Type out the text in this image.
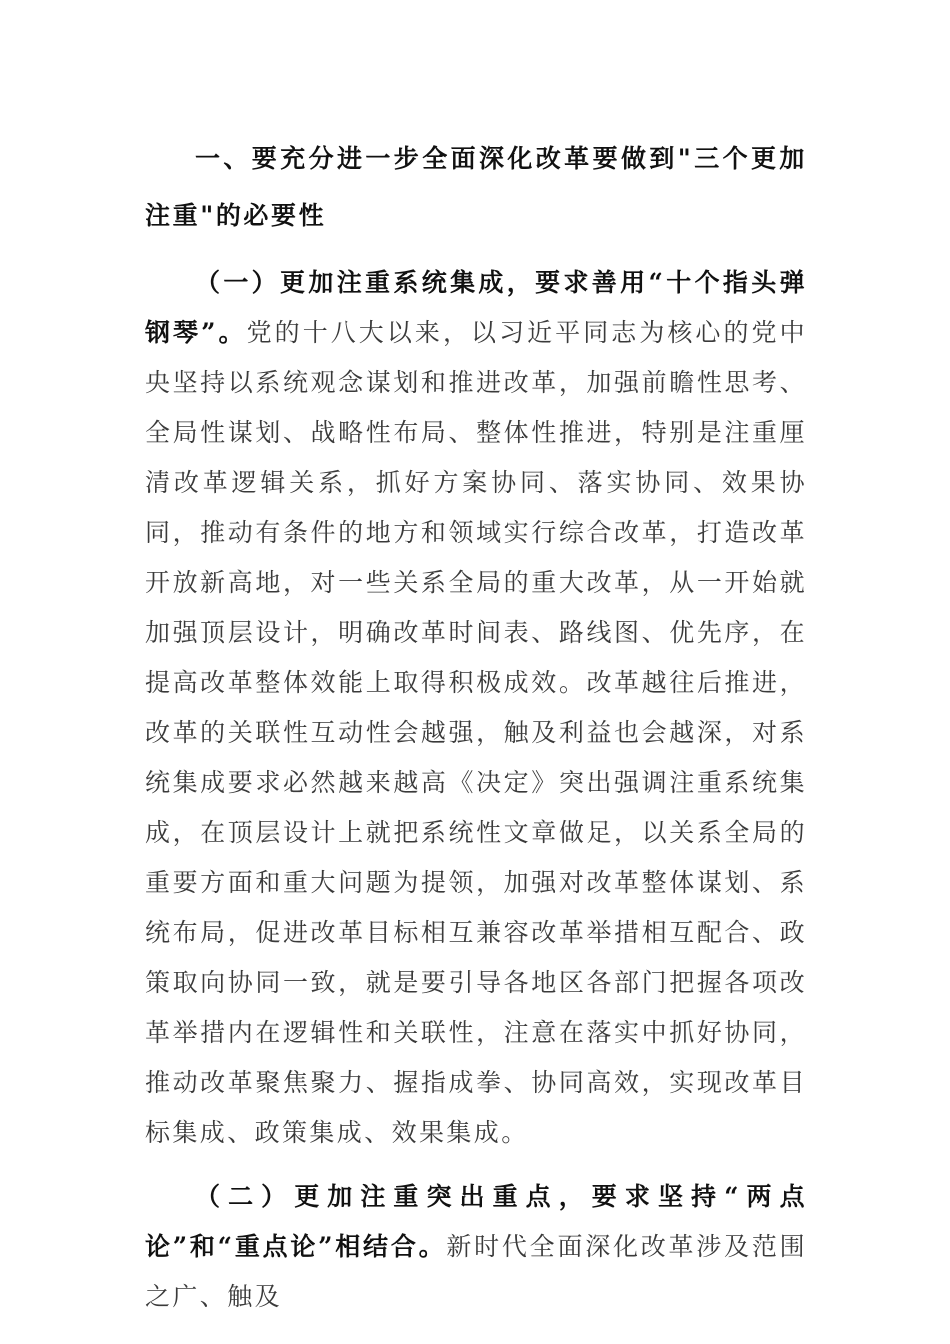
一、要充分进一步全面深化改革要做到"三个更加注重"的必要性

（一）更加注重系统集成，要求善用“十个指头弹钢琴”。党的十八大以来，以习近平同志为核心的党中央坚持以系统观念谋划和推进改革，加强前瞻性思考、全局性谋划、战略性布局、整体性推进，特别是注重厘清改革逻辑关系，抓好方案协同、落实协同、效果协同，推动有条件的地方和领域实行综合改革，打造改革开放新高地，对一些关系全局的重大改革，从一开始就加强顶层设计，明确改革时间表、路线图、优先序，在提高改革整体效能上取得积极成效。改革越往后推进，改革的关联性互动性会越强，触及利益也会越深，对系统集成要求必然越来越高《决定》突出强调注重系统集成，在顶层设计上就把系统性文章做足，以关系全局的重要方面和重大问题为提领，加强对改革整体谋划、系统布局，促进改革目标相互兼容改革举措相互配合、政策取向协同一致，就是要引导各地区各部门把握各项改革举措内在逻辑性和关联性，注意在落实中抓好协同，推动改革聚焦聚力、握指成拳、协同高效，实现改革目标集成、政策集成、效果集成。

（二）更加注重突出重点，要求坚持“两点论”和“重点论”相结合。新时代全面深化改革涉及范围之广、触及
